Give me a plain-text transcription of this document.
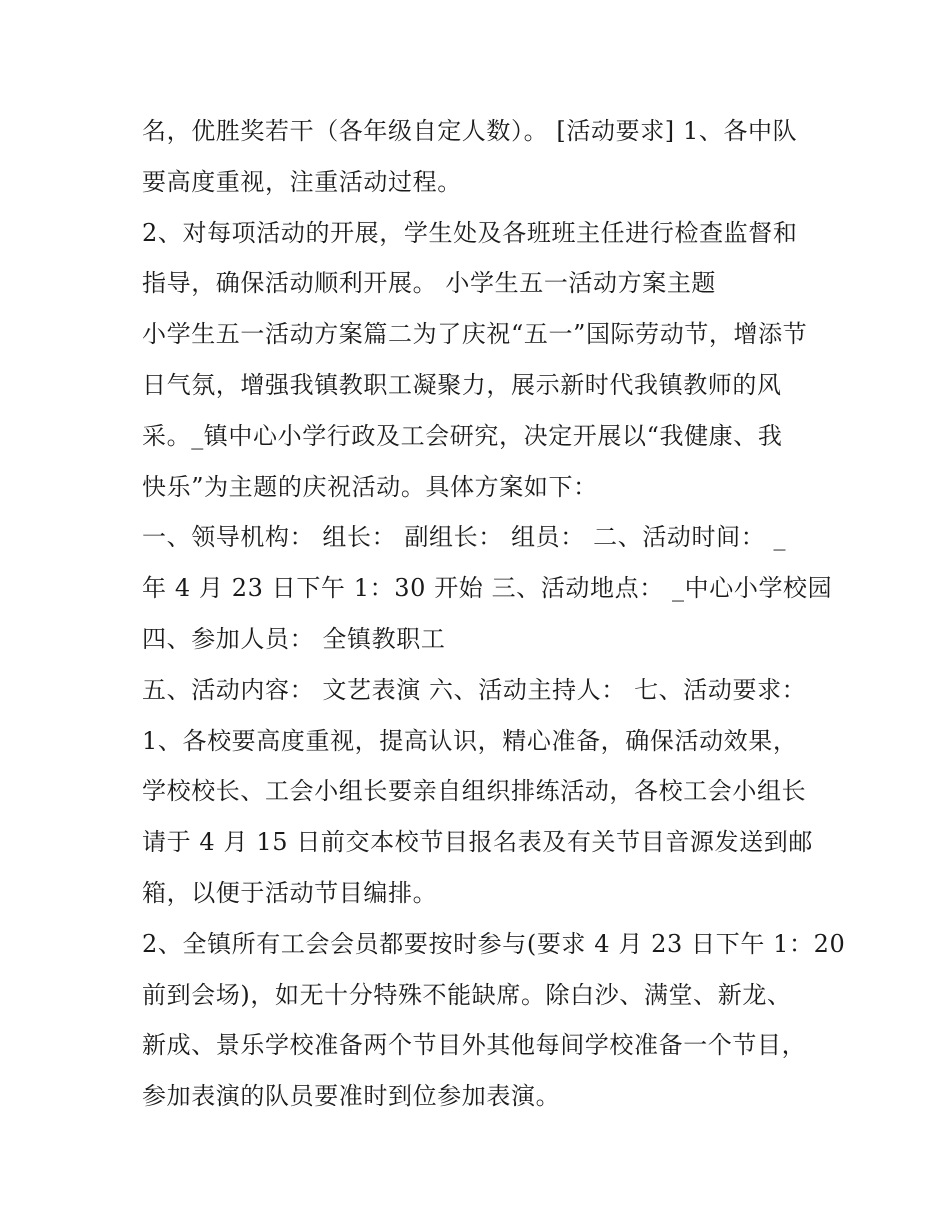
名，优胜奖若干（各年级自定人数）。 [活动要求] 1、各中队
要高度重视，注重活动过程。
2、对每项活动的开展，学生处及各班班主任进行检查监督和
指导，确保活动顺利开展。 小学生五一活动方案主题
小学生五一活动方案篇二为了庆祝“五一”国际劳动节，增添节
日气氛，增强我镇教职工凝聚力，展示新时代我镇教师的风
采。_镇中心小学行政及工会研究，决定开展以“我健康、我
快乐”为主题的庆祝活动。具体方案如下：
一、领导机构： 组长： 副组长： 组员： 二、活动时间： _
年 4 月 23 日下午 1：30 开始 三、活动地点： _中心小学校园
四、参加人员： 全镇教职工
五、活动内容： 文艺表演 六、活动主持人： 七、活动要求：
1、各校要高度重视，提高认识，精心准备，确保活动效果，
学校校长、工会小组长要亲自组织排练活动，各校工会小组长
请于 4 月 15 日前交本校节目报名表及有关节目音源发送到邮
箱，以便于活动节目编排。
2、全镇所有工会会员都要按时参与(要求 4 月 23 日下午 1：20
前到会场)，如无十分特殊不能缺席。除白沙、满堂、新龙、
新成、景乐学校准备两个节目外其他每间学校准备一个节目，
参加表演的队员要准时到位参加表演。
